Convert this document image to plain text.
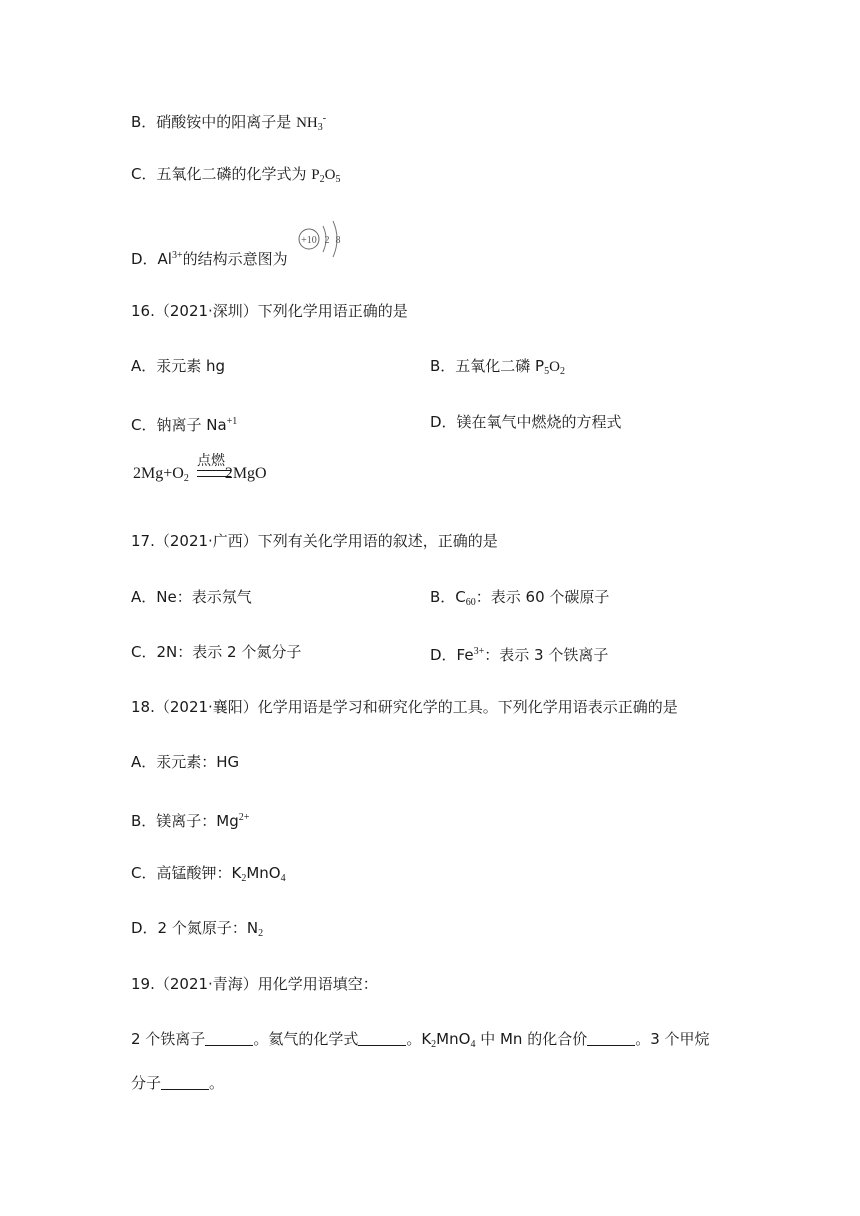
B．硝酸铵中的阳离子是 $NH_3^-$
C．五氧化二磷的化学式为 $P_2O_5$
D．$Al^{3+}$的结构示意图为
+10 2 8
16.（2021·深圳）下列化学用语正确的是
A．汞元素 hg	B．五氧化二磷 $P_5O_2$
C．钠离子 $Na^{+1}$	D．镁在氧气中燃烧的方程式
点燃
$2Mg+O_2$ 2MgO
17.（2021·广西）下列有关化学用语的叙述，正确的是
A．Ne：表示氖气	B．$C_{60}$：表示 60 个碳原子
C．2N：表示 2 个氮分子	D．$Fe^{3+}$：表示 3 个铁离子
18.（2021·襄阳）化学用语是学习和研究化学的工具。下列化学用语表示正确的是
A．汞元素：HG
B．镁离子：$Mg^{2+}$
C．高锰酸钾：$K_2MnO_4$
D．2 个氮原子：$N_2$
19.（2021·青海）用化学用语填空：
2 个铁离子	。氦气的化学式	。$K_2MnO_4$ 中 Mn 的化合价	。3 个甲烷
分子	。
